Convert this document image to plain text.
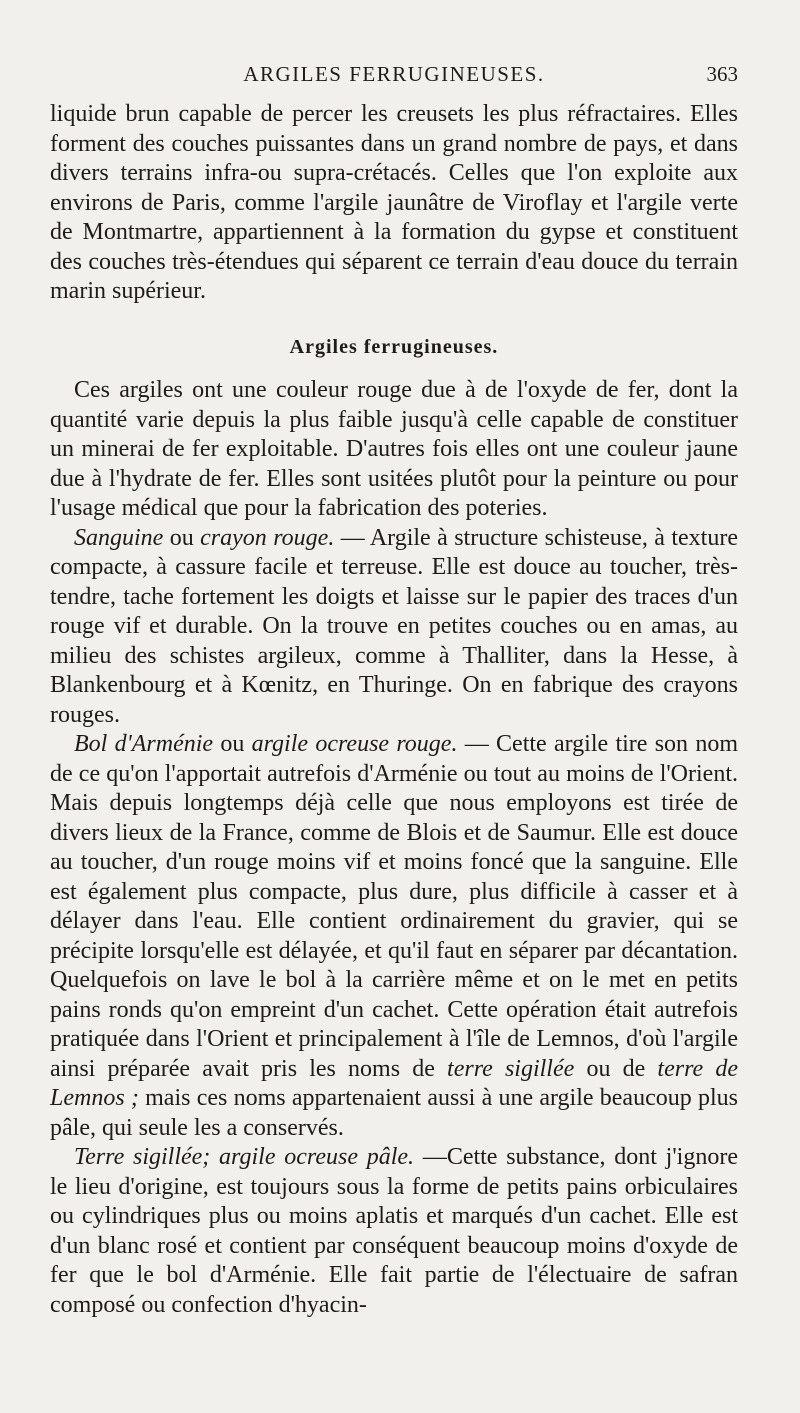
ARGILES FERRUGINEUSES.	363

liquide brun capable de percer les creusets les plus réfractaires. Elles forment des couches puissantes dans un grand nombre de pays, et dans divers terrains infra-ou supra-crétacés. Celles que l'on exploite aux environs de Paris, comme l'argile jaunâtre de Viroflay et l'argile verte de Montmartre, appartiennent à la formation du gypse et constituent des couches très-étendues qui séparent ce terrain d'eau douce du terrain marin supérieur.

Argiles ferrugineuses.

Ces argiles ont une couleur rouge due à de l'oxyde de fer, dont la quantité varie depuis la plus faible jusqu'à celle capable de constituer un minerai de fer exploitable. D'autres fois elles ont une couleur jaune due à l'hydrate de fer. Elles sont usitées plutôt pour la peinture ou pour l'usage médical que pour la fabrication des poteries.

Sanguine ou crayon rouge. — Argile à structure schisteuse, à texture compacte, à cassure facile et terreuse. Elle est douce au toucher, très-tendre, tache fortement les doigts et laisse sur le papier des traces d'un rouge vif et durable. On la trouve en petites couches ou en amas, au milieu des schistes argileux, comme à Thalliter, dans la Hesse, à Blankenbourg et à Kœnitz, en Thuringe. On en fabrique des crayons rouges.

Bol d'Arménie ou argile ocreuse rouge. — Cette argile tire son nom de ce qu'on l'apportait autrefois d'Arménie ou tout au moins de l'Orient. Mais depuis longtemps déjà celle que nous employons est tirée de divers lieux de la France, comme de Blois et de Saumur. Elle est douce au toucher, d'un rouge moins vif et moins foncé que la sanguine. Elle est également plus compacte, plus dure, plus difficile à casser et à délayer dans l'eau. Elle contient ordinairement du gravier, qui se précipite lorsqu'elle est délayée, et qu'il faut en séparer par décantation. Quelquefois on lave le bol à la carrière même et on le met en petits pains ronds qu'on empreint d'un cachet. Cette opération était autrefois pratiquée dans l'Orient et principalement à l'île de Lemnos, d'où l'argile ainsi préparée avait pris les noms de terre sigillée ou de terre de Lemnos ; mais ces noms appartenaient aussi à une argile beaucoup plus pâle, qui seule les a conservés.

Terre sigillée; argile ocreuse pâle. —Cette substance, dont j'ignore le lieu d'origine, est toujours sous la forme de petits pains orbiculaires ou cylindriques plus ou moins aplatis et marqués d'un cachet. Elle est d'un blanc rosé et contient par conséquent beaucoup moins d'oxyde de fer que le bol d'Arménie. Elle fait partie de l'électuaire de safran composé ou confection d'hyacin-
